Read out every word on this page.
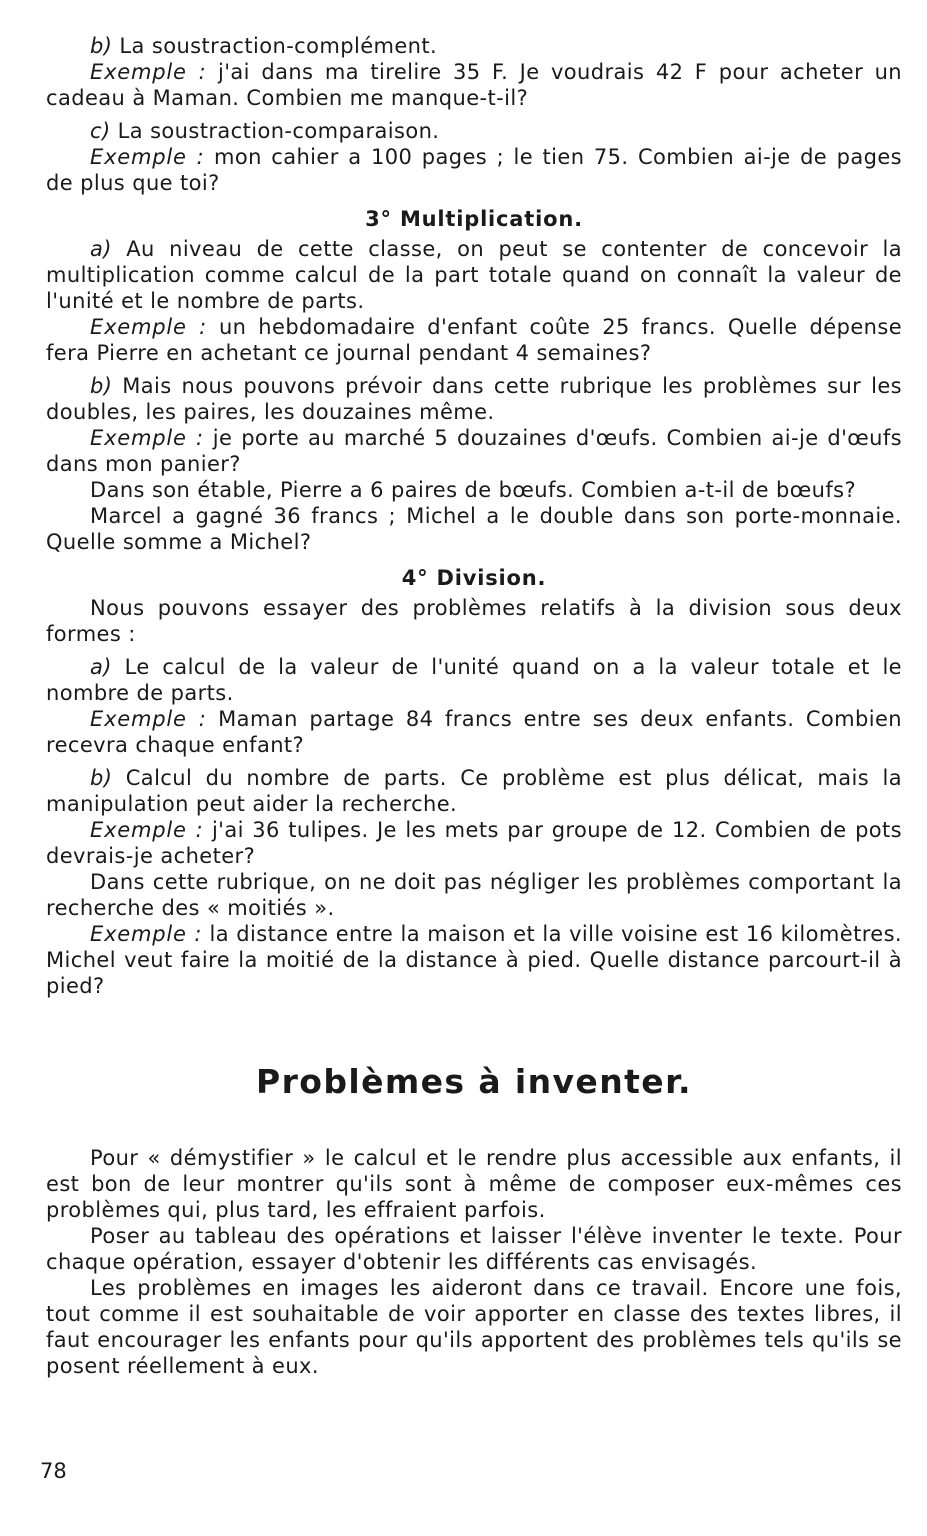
b) La soustraction-complément.

Exemple : j'ai dans ma tirelire 35 F. Je voudrais 42 F pour acheter un cadeau à Maman. Combien me manque-t-il?

c) La soustraction-comparaison.

Exemple : mon cahier a 100 pages ; le tien 75. Combien ai-je de pages de plus que toi?

3° Multiplication.

a) Au niveau de cette classe, on peut se contenter de concevoir la multiplication comme calcul de la part totale quand on connaît la valeur de l'unité et le nombre de parts.

Exemple : un hebdomadaire d'enfant coûte 25 francs. Quelle dépense fera Pierre en achetant ce journal pendant 4 semaines?

b) Mais nous pouvons prévoir dans cette rubrique les problèmes sur les doubles, les paires, les douzaines même.

Exemple : je porte au marché 5 douzaines d'œufs. Combien ai-je d'œufs dans mon panier?

Dans son étable, Pierre a 6 paires de bœufs. Combien a-t-il de bœufs?

Marcel a gagné 36 francs ; Michel a le double dans son porte-monnaie. Quelle somme a Michel?

4° Division.

Nous pouvons essayer des problèmes relatifs à la division sous deux formes :

a) Le calcul de la valeur de l'unité quand on a la valeur totale et le nombre de parts.

Exemple : Maman partage 84 francs entre ses deux enfants. Combien recevra chaque enfant?

b) Calcul du nombre de parts. Ce problème est plus délicat, mais la manipulation peut aider la recherche.

Exemple : j'ai 36 tulipes. Je les mets par groupe de 12. Combien de pots devrais-je acheter?

Dans cette rubrique, on ne doit pas négliger les problèmes comportant la recherche des « moitiés ».

Exemple : la distance entre la maison et la ville voisine est 16 kilomètres. Michel veut faire la moitié de la distance à pied. Quelle distance parcourt-il à pied?

Problèmes à inventer.

Pour « démystifier » le calcul et le rendre plus accessible aux enfants, il est bon de leur montrer qu'ils sont à même de composer eux-mêmes ces problèmes qui, plus tard, les effraient parfois.

Poser au tableau des opérations et laisser l'élève inventer le texte. Pour chaque opération, essayer d'obtenir les différents cas envisagés.

Les problèmes en images les aideront dans ce travail. Encore une fois, tout comme il est souhaitable de voir apporter en classe des textes libres, il faut encourager les enfants pour qu'ils apportent des problèmes tels qu'ils se posent réellement à eux.

78
